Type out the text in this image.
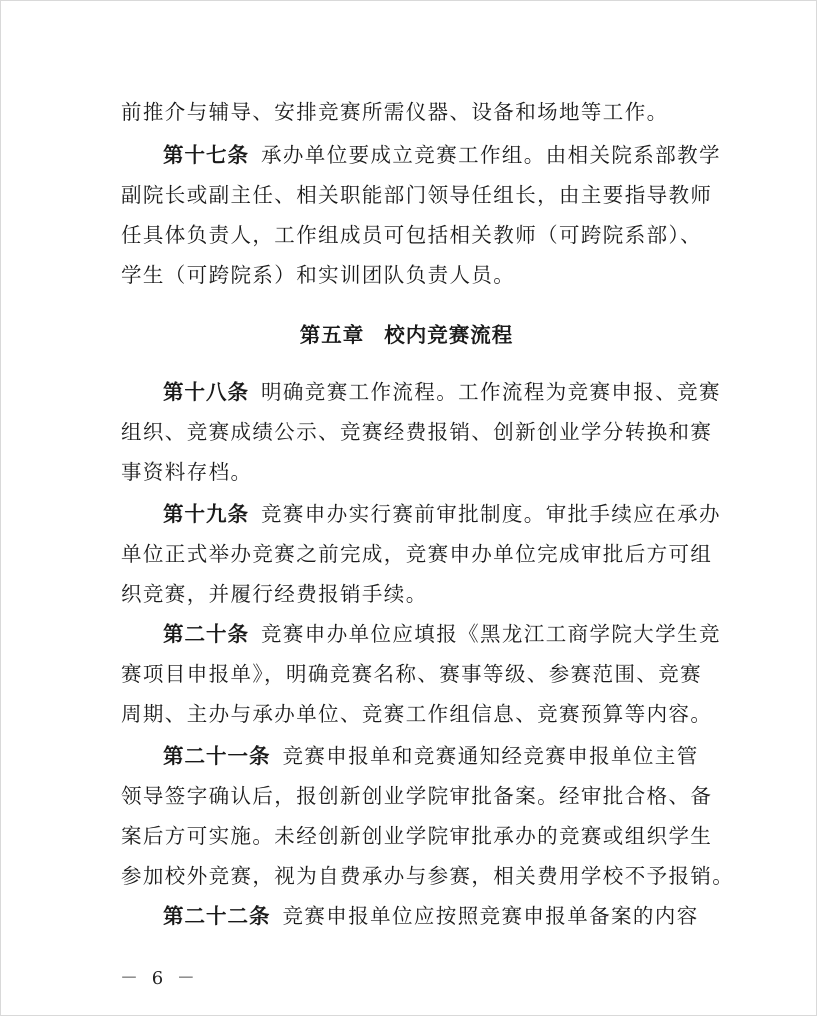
前推介与辅导、安排竞赛所需仪器、设备和场地等工作。
第十七条 承办单位要成立竞赛工作组。由相关院系部教学
副院长或副主任、相关职能部门领导任组长，由主要指导教师
任具体负责人，工作组成员可包括相关教师（可跨院系部）、
学生（可跨院系）和实训团队负责人员。
第五章 校内竞赛流程
第十八条 明确竞赛工作流程。工作流程为竞赛申报、竞赛
组织、竞赛成绩公示、竞赛经费报销、创新创业学分转换和赛
事资料存档。
第十九条 竞赛申办实行赛前审批制度。审批手续应在承办
单位正式举办竞赛之前完成，竞赛申办单位完成审批后方可组
织竞赛，并履行经费报销手续。
第二十条 竞赛申办单位应填报《黑龙江工商学院大学生竞
赛项目申报单》，明确竞赛名称、赛事等级、参赛范围、竞赛
周期、主办与承办单位、竞赛工作组信息、竞赛预算等内容。
第二十一条 竞赛申报单和竞赛通知经竞赛申报单位主管
领导签字确认后，报创新创业学院审批备案。经审批合格、备
案后方可实施。未经创新创业学院审批承办的竞赛或组织学生
参加校外竞赛，视为自费承办与参赛，相关费用学校不予报销。
第二十二条 竞赛申报单位应按照竞赛申报单备案的内容
－ 6 －
